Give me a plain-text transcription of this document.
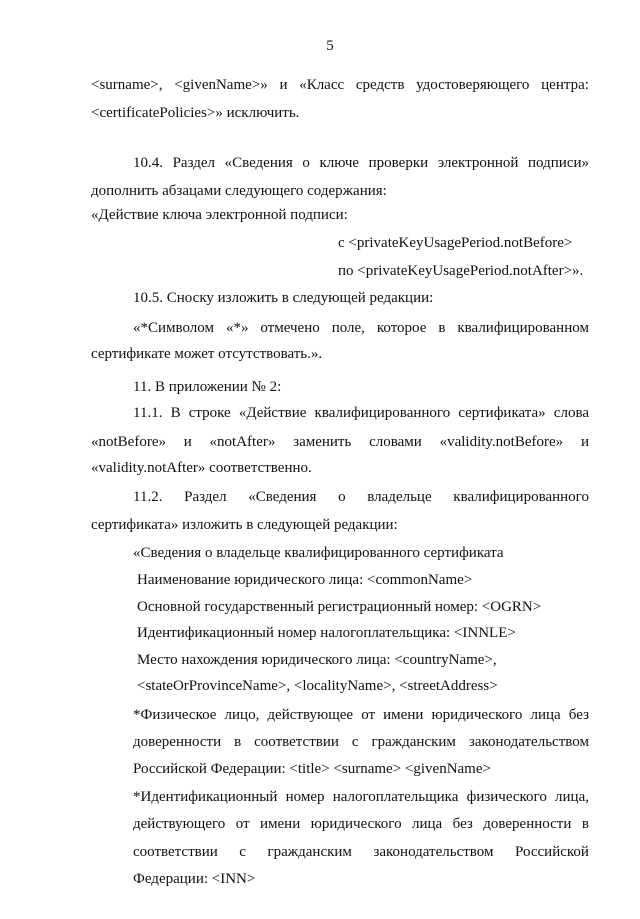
5
<surname>, <givenName>» и «Класс средств удостоверяющего центра:
<certificatePolicies>» исключить.
10.4. Раздел «Сведения о ключе проверки электронной подписи»
дополнить абзацами следующего содержания:
«Действие ключа электронной подписи:
с <privateKeyUsagePeriod.notBefore>
по <privateKeyUsagePeriod.notAfter>».
10.5. Сноску изложить в следующей редакции:
«*Символом «*» отмечено поле, которое в квалифицированном
сертификате может отсутствовать.».
11. В приложении № 2:
11.1. В строке «Действие квалифицированного сертификата» слова
«notBefore» и «notAfter» заменить словами «validity.notBefore» и
«validity.notAfter» соответственно.
11.2. Раздел «Сведения о владельце квалифицированного
сертификата» изложить в следующей редакции:
«Сведения о владельце квалифицированного сертификата
Наименование юридического лица: <commonName>
Основной государственный регистрационный номер: <OGRN>
Идентификационный номер налогоплательщика: <INNLE>
Место нахождения юридического лица: <countryName>,
<stateOrProvinceName>, <localityName>, <streetAddress>
*Физическое лицо, действующее от имени юридического лица без
доверенности в соответствии с гражданским законодательством
Российской Федерации: <title> <surname> <givenName>
*Идентификационный номер налогоплательщика физического лица,
действующего от имени юридического лица без доверенности в
соответствии с гражданским законодательством Российской
Федерации: <INN>
